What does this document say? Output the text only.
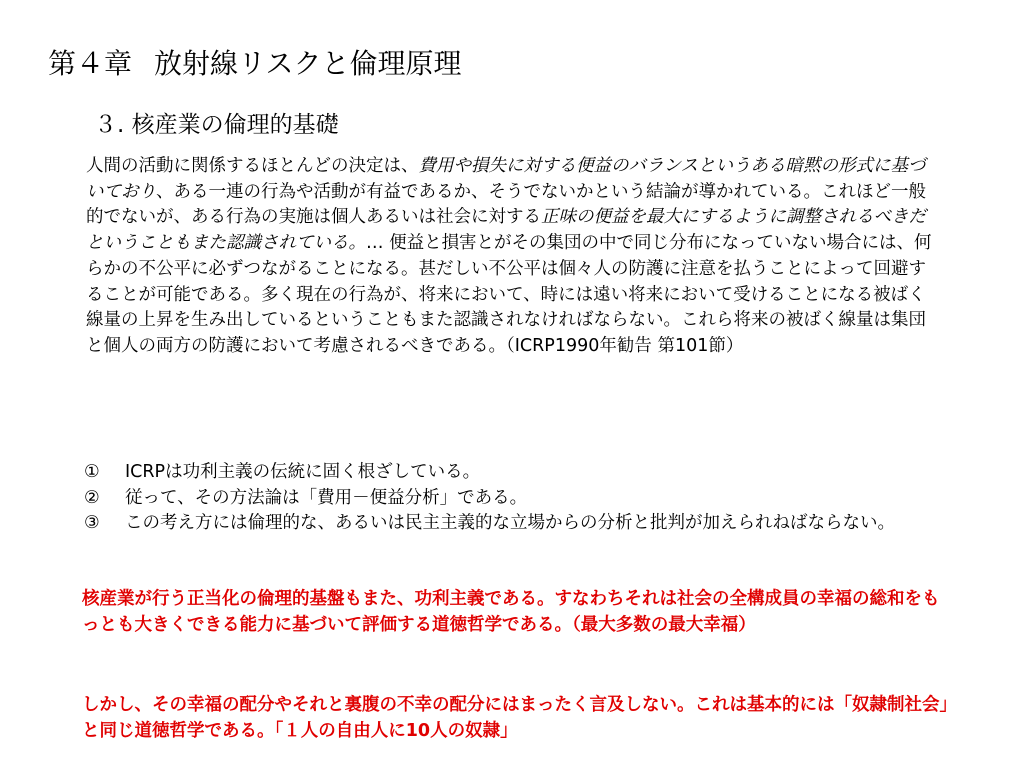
第４章 放射線リスクと倫理原理
３. 核産業の倫理的基礎

人間の活動に関係するほとんどの決定は、費用や損失に対する便益のバランスというある暗黙の形式に基づいており、ある一連の行為や活動が有益であるか、そうでないかという結論が導かれている。これほど一般的でないが、ある行為の実施は個人あるいは社会に対する正味の便益を最大にするように調整されるべきだということもまた認識されている。… 便益と損害とがその集団の中で同じ分布になっていない場合には、何らかの不公平に必ずつながることになる。甚だしい不公平は個々人の防護に注意を払うことによって回避することが可能である。多く現在の行為が、将来において、時には遠い将来において受けることになる被ばく線量の上昇を生み出しているということもまた認識されなければならない。これら将来の被ばく線量は集団と個人の両方の防護において考慮されるべきである。（ICRP1990年勧告 第101節）

①	ICRPは功利主義の伝統に固く根ざしている。
②	従って、その方法論は「費用－便益分析」である。
③	この考え方には倫理的な、あるいは民主主義的な立場からの分析と批判が加えられねばならない。

核産業が行う正当化の倫理的基盤もまた、功利主義である。すなわちそれは社会の全構成員の幸福の総和をもっとも大きくできる能力に基づいて評価する道徳哲学である。（最大多数の最大幸福）

しかし、その幸福の配分やそれと裏腹の不幸の配分にはまったく言及しない。これは基本的には「奴隷制社会」と同じ道徳哲学である。「１人の自由人に10人の奴隷」
